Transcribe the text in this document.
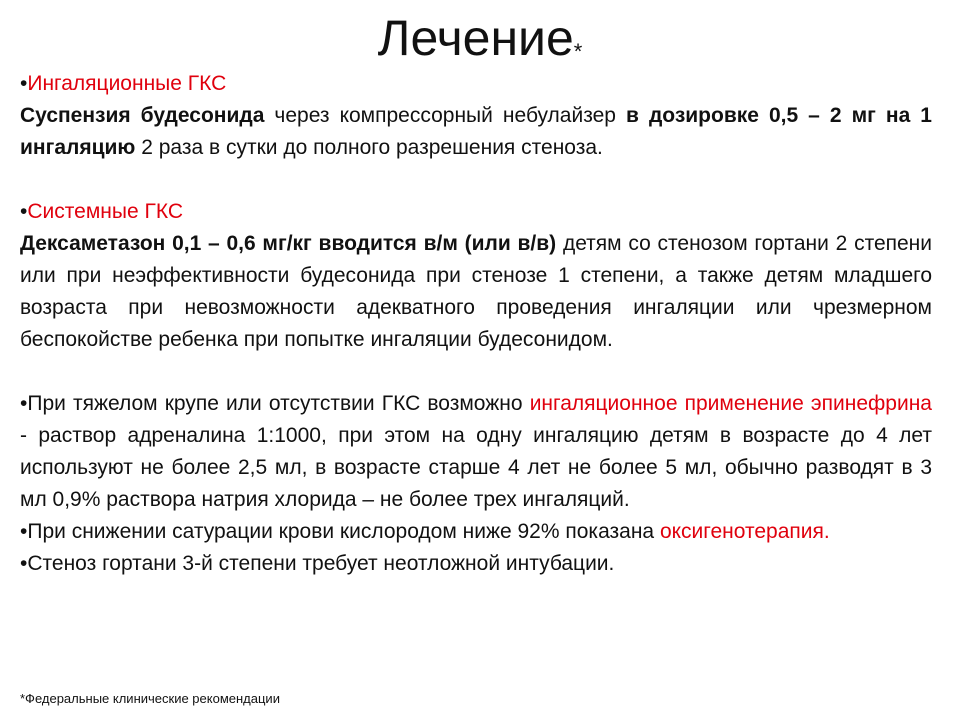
Лечение*

•Ингаляционные ГКС

Суспензия будесонида через компрессорный небулайзер в дозировке 0,5 – 2 мг на 1 ингаляцию 2 раза в сутки до полного разрешения стеноза.

•Системные ГКС

Дексаметазон 0,1 – 0,6 мг/кг вводится в/м (или в/в) детям со стенозом гортани 2 степени или при неэффективности будесонида при стенозе 1 степени, а также детям младшего возраста при невозможности адекватного проведения ингаляции или чрезмерном беспокойстве ребенка при попытке ингаляции будесонидом.

•При тяжелом крупе или отсутствии ГКС возможно ингаляционное применение эпинефрина - раствор адреналина 1:1000, при этом на одну ингаляцию детям в возрасте до 4 лет используют не более 2,5 мл, в возрасте старше 4 лет не более 5 мл, обычно разводят в 3 мл 0,9% раствора натрия хлорида – не более трех ингаляций.

•При снижении сатурации крови кислородом ниже 92% показана оксигенотерапия.

•Стеноз гортани 3-й степени требует неотложной интубации.

*Федеральные клинические рекомендации
